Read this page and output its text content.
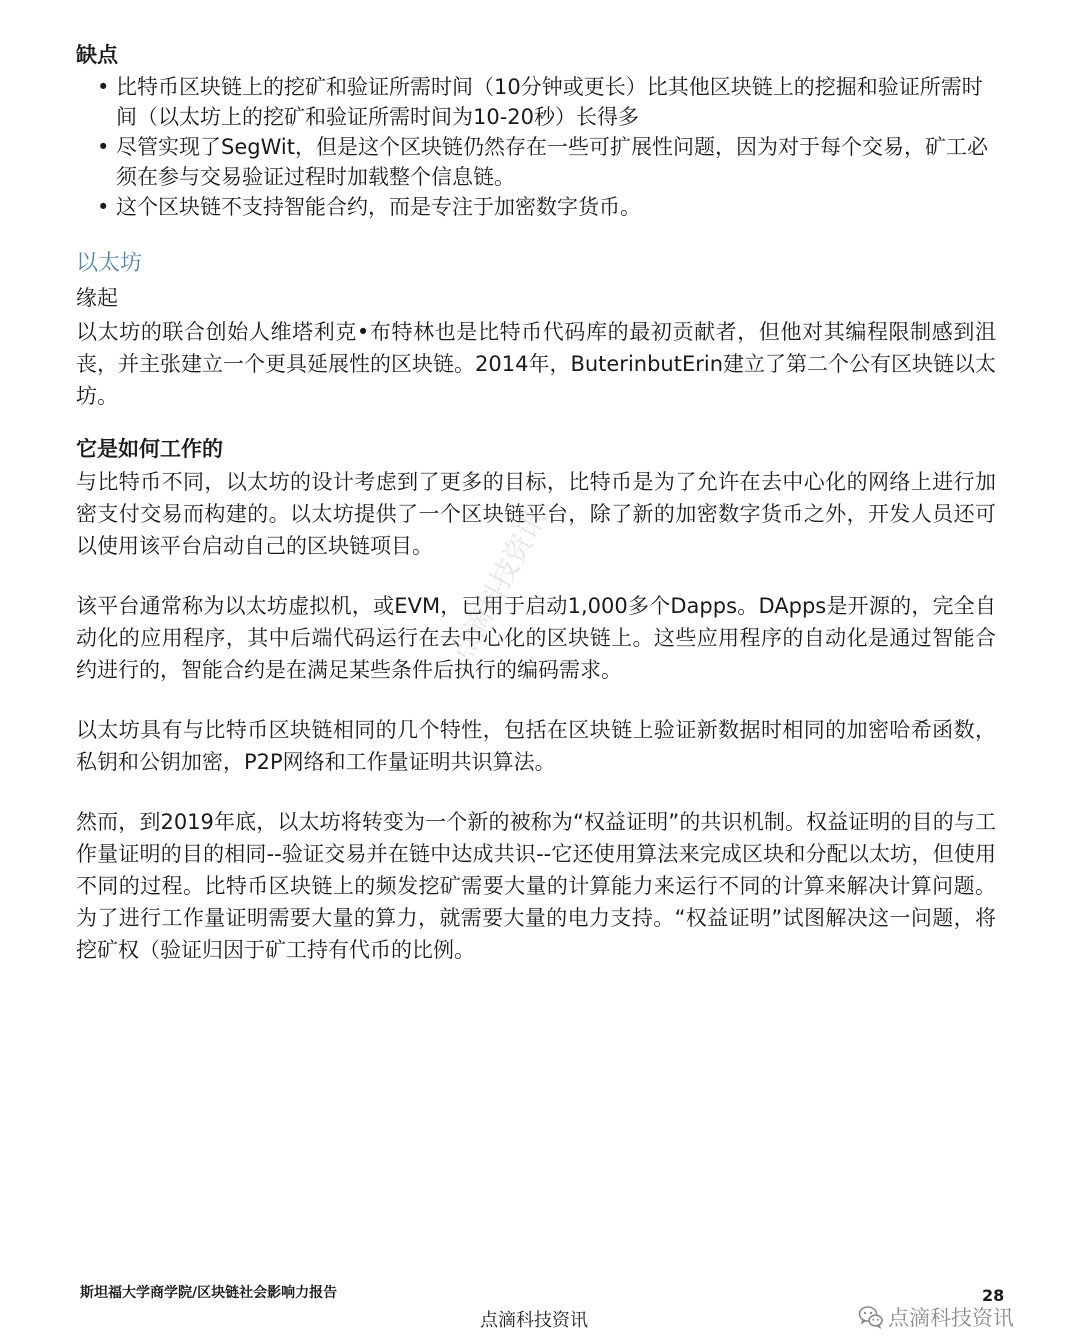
缺点
• 比特币区块链上的挖矿和验证所需时间（10分钟或更长）比其他区块链上的挖掘和验证所需时间（以太坊上的挖矿和验证所需时间为10-20秒）长得多
• 尽管实现了SegWit，但是这个区块链仍然存在一些可扩展性问题，因为对于每个交易，矿工必须在参与交易验证过程时加载整个信息链。
• 这个区块链不支持智能合约，而是专注于加密数字货币。
以太坊
缘起

以太坊的联合创始人维塔利克•布特林也是比特币代码库的最初贡献者，但他对其编程限制感到沮丧，并主张建立一个更具延展性的区块链。2014年，ButerinbutErin建立了第二个公有区块链以太坊。

它是如何工作的

与比特币不同，以太坊的设计考虑到了更多的目标，比特币是为了允许在去中心化的网络上进行加密支付交易而构建的。以太坊提供了一个区块链平台，除了新的加密数字货币之外，开发人员还可以使用该平台启动自己的区块链项目。

该平台通常称为以太坊虚拟机，或EVM，已用于启动1,000多个Dapps。DApps是开源的，完全自动化的应用程序，其中后端代码运行在去中心化的区块链上。这些应用程序的自动化是通过智能合约进行的，智能合约是在满足某些条件后执行的编码需求。

以太坊具有与比特币区块链相同的几个特性，包括在区块链上验证新数据时相同的加密哈希函数，私钥和公钥加密，P2P网络和工作量证明共识算法。

然而，到2019年底，以太坊将转变为一个新的被称为“权益证明”的共识机制。权益证明的目的与工作量证明的目的相同--验证交易并在链中达成共识--它还使用算法来完成区块和分配以太坊，但使用不同的过程。比特币区块链上的频发挖矿需要大量的计算能力来运行不同的计算来解决计算问题。为了进行工作量证明需要大量的算力，就需要大量的电力支持。“权益证明”试图解决这一问题，将挖矿权（验证归因于矿工持有代币的比例。

点滴科技资讯
斯坦福大学商学院/区块链社会影响力报告	28
点滴科技资讯	点滴科技资讯
